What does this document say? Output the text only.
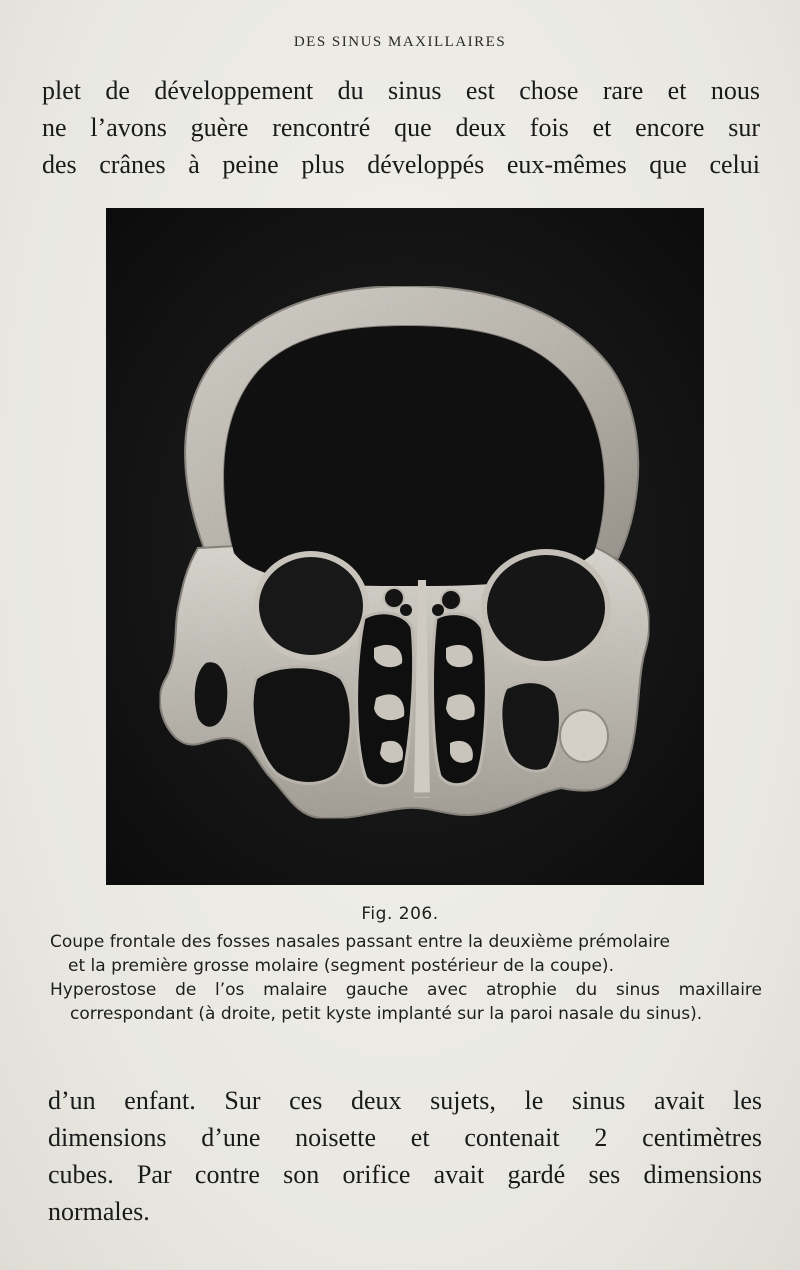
DES SINUS MAXILLAIRES
plet de développement du sinus est chose rare et nous
ne l’avons guère rencontré que deux fois et encore sur
des crânes à peine plus développés eux-mêmes que celui
Fig. 206.

Coupe frontale des fosses nasales passant entre la deuxième prémolaire
et la première grosse molaire (segment postérieur de la coupe).

Hyperostose de l’os malaire gauche avec atrophie du sinus maxillaire correspondant (à droite, petit kyste implanté sur la paroi nasale du sinus).

d’un enfant. Sur ces deux sujets, le sinus avait les
dimensions d’une noisette et contenait 2 centimètres
cubes. Par contre son orifice avait gardé ses dimensions
normales.
